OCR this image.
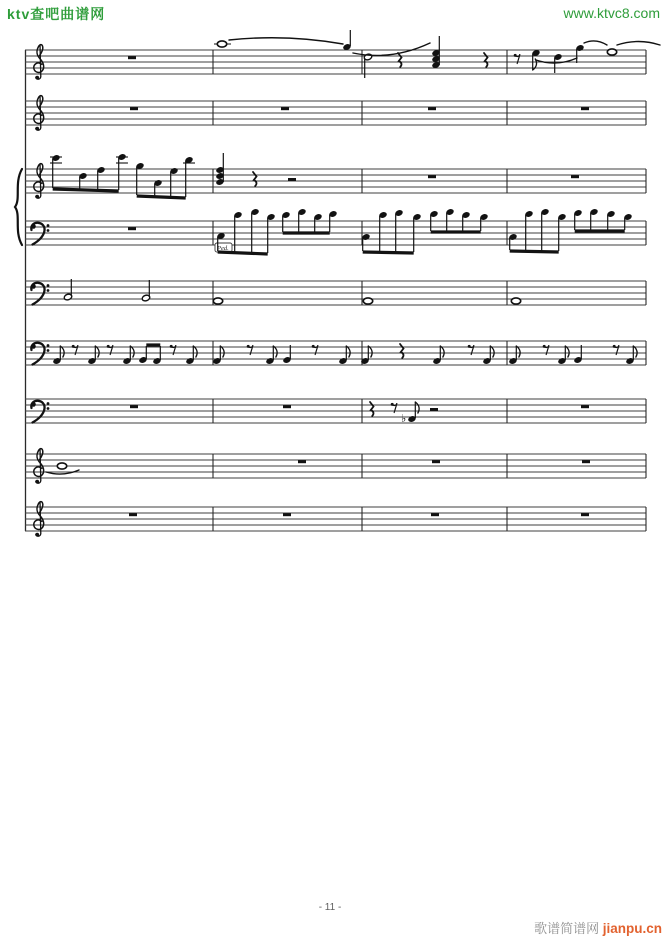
ktv查吧曲谱网	www.ktvc8.com
Ped.
♭
- 11 -
歌谱简谱网 jianpu.cn
